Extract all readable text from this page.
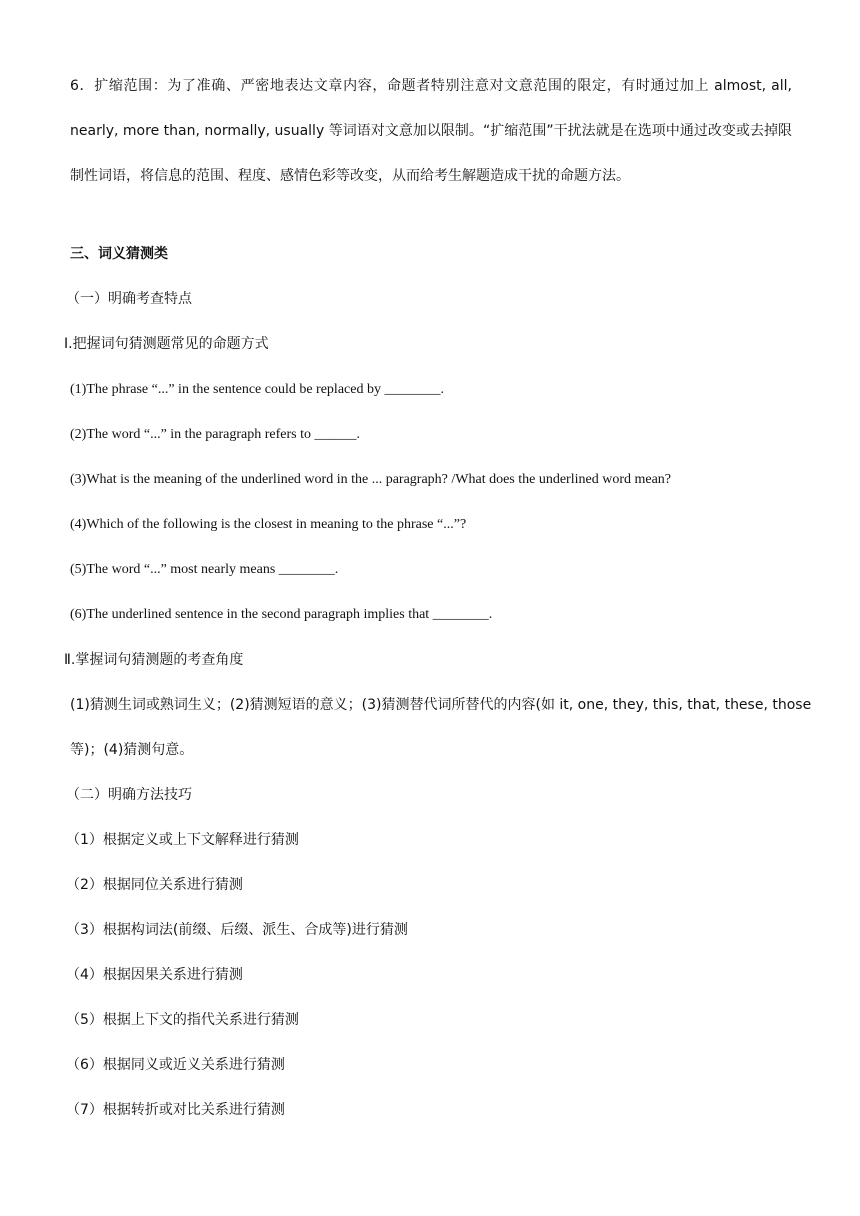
6．扩缩范围：为了准确、严密地表达文章内容，命题者特别注意对文意范围的限定，有时通过加上 almost, all,
nearly, more than, normally, usually 等词语对文意加以限制。“扩缩范围”干扰法就是在选项中通过改变或去掉限
制性词语，将信息的范围、程度、感情色彩等改变，从而给考生解题造成干扰的命题方法。
三、词义猜测类
（一）明确考查特点
Ⅰ.把握词句猜测题常见的命题方式
(1)The phrase “...” in the sentence could be replaced by ________.
(2)The word “...” in the paragraph refers to ______.
(3)What is the meaning of the underlined word in the ... paragraph? /What does the underlined word mean?
(4)Which of the following is the closest in meaning to the phrase “...”?
(5)The word “...” most nearly means ________.
(6)The underlined sentence in the second paragraph implies that ________.
Ⅱ.掌握词句猜测题的考查角度
(1)猜测生词或熟词生义；(2)猜测短语的意义；(3)猜测替代词所替代的内容(如 it, one, they, this, that, these, those
等)；(4)猜测句意。
（二）明确方法技巧
（1）根据定义或上下文解释进行猜测
（2）根据同位关系进行猜测
（3）根据构词法(前缀、后缀、派生、合成等)进行猜测
（4）根据因果关系进行猜测
（5）根据上下文的指代关系进行猜测
（6）根据同义或近义关系进行猜测
（7）根据转折或对比关系进行猜测
